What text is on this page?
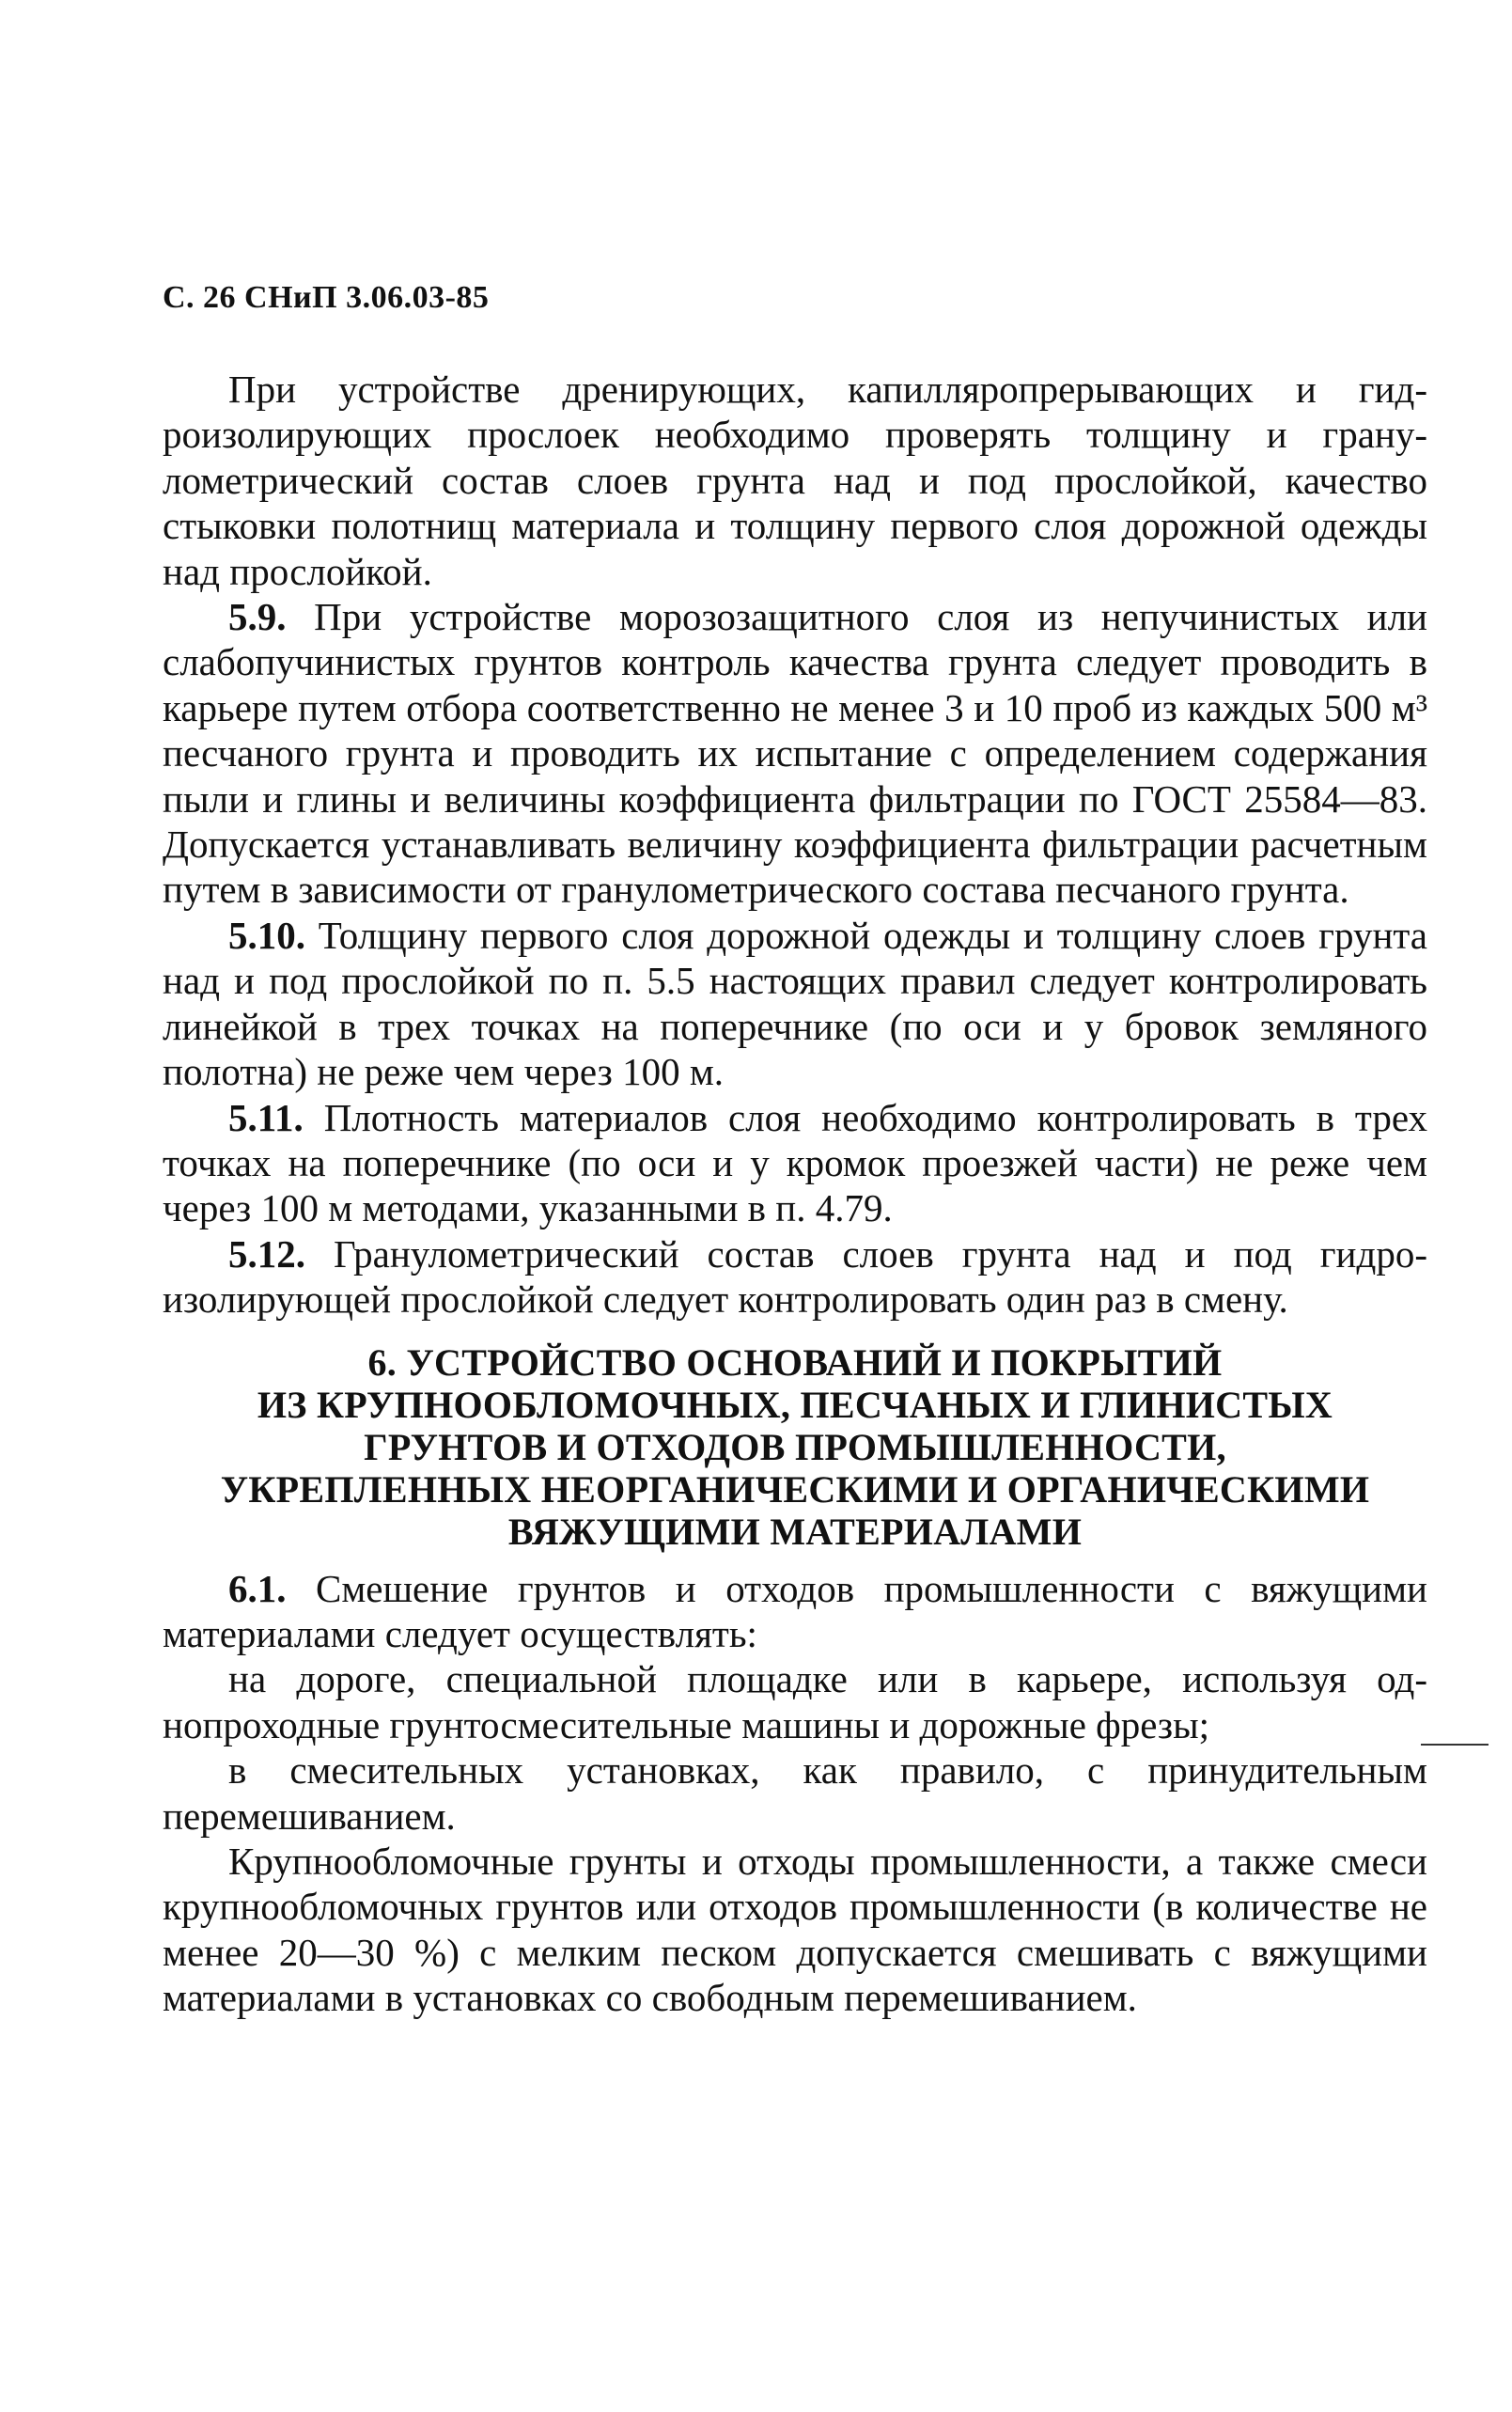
С. 26 СНиП 3.06.03-85

При устройстве дренирующих, капилляропрерывающих и гидроизолирующих прослоек необходимо проверять толщину и гранулометрический состав слоев грунта над и под прослойкой, качество стыковки полотнищ материала и толщину первого слоя дорожной одежды над прослойкой.

5.9. При устройстве морозозащитного слоя из непучинистых или слабопучинистых грунтов контроль качества грунта следует проводить в карьере путем отбора соответственно не менее 3 и 10 проб из каждых 500 м³ песчаного грунта и проводить их испытание с определением содержания пыли и глины и величины коэффициента фильтрации по ГОСТ 25584—83. Допускается устанавливать величину коэффициента фильтрации расчетным путем в зависимости от гранулометрического состава песчаного грунта.

5.10. Толщину первого слоя дорожной одежды и толщину слоев грунта над и под прослойкой по п. 5.5 настоящих правил следует контролировать линейкой в трех точках на поперечнике (по оси и у бровок земляного полотна) не реже чем через 100 м.

5.11. Плотность материалов слоя необходимо контролировать в трех точках на поперечнике (по оси и у кромок проезжей части) не реже чем через 100 м методами, указанными в п. 4.79.

5.12. Гранулометрический состав слоев грунта над и под гидроизолирующей прослойкой следует контролировать один раз в смену.

6. УСТРОЙСТВО ОСНОВАНИЙ И ПОКРЫТИЙ
ИЗ КРУПНООБЛОМОЧНЫХ, ПЕСЧАНЫХ И ГЛИНИСТЫХ
ГРУНТОВ И ОТХОДОВ ПРОМЫШЛЕННОСТИ,
УКРЕПЛЕННЫХ НЕОРГАНИЧЕСКИМИ И ОРГАНИЧЕСКИМИ
ВЯЖУЩИМИ МАТЕРИАЛАМИ

6.1. Смешение грунтов и отходов промышленности с вяжущими материалами следует осуществлять:

на дороге, специальной площадке или в карьере, используя однопроходные грунтосмесительные машины и дорожные фрезы;

в смесительных установках, как правило, с принудительным перемешиванием.

Крупнообломочные грунты и отходы промышленности, а также смеси крупнообломочных грунтов или отходов промышленности (в количестве не менее 20—30 %) с мелким песком допускается смешивать с вяжущими материалами в установках со свободным перемешиванием.
